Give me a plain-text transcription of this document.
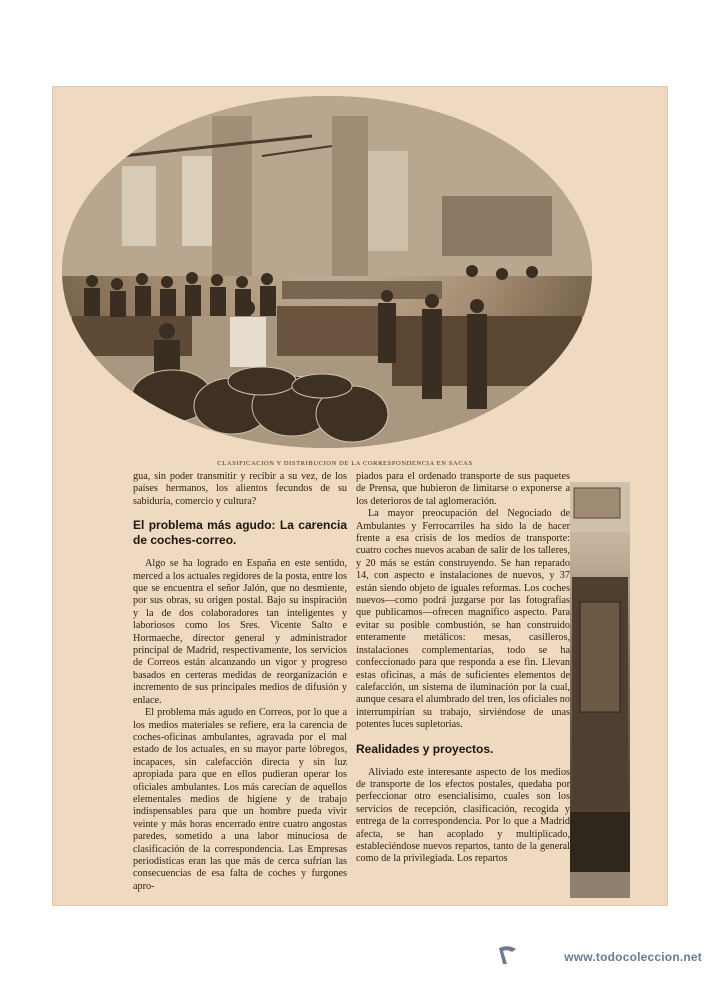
CLASIFICACION Y DISTRIBUCION DE LA CORRESPONDENCIA EN SACAS

gua, sin poder transmitir y recibir a su vez, de los países hermanos, los alientos fecundos de su sabiduría, comercio y cultura?

El problema más agudo: La carencia de coches-correo.

Algo se ha logrado en España en este sentido, merced a los actuales regidores de la posta, entre los que se encuentra el señor Jalón, que no desmiente, por sus obras, su origen postal. Bajo su inspiración y la de dos colaboradores tan inteligentes y laboriosos como los Sres. Vicente Salto e Hormaeche, director general y administrador principal de Madrid, respectivamente, los servicios de Correos están alcanzando un vigor y progreso basados en certeras medidas de reorganización e incremento de sus principales medios de difusión y enlace.

El problema más agudo en Correos, por lo que a los medios materiales se refiere, era la carencia de coches-oficinas ambulantes, agravada por el mal estado de los actuales, en su mayor parte lóbregos, incapaces, sin calefacción directa y sin luz apropiada para que en ellos pudieran operar los oficiales ambulantes. Los más carecían de aquellos elementales medios de higiene y de trabajo indispensables para que un hombre pueda vivir veinte y más horas encerrado entre cuatro angostas paredes, sometido a una labor minuciosa de clasificación de la correspondencia. Las Empresas periodísticas eran las que más de cerca sufrían las consecuencias de esa falta de coches y furgones apro-

piados para el ordenado transporte de sus paquetes de Prensa, que hubieron de limitarse o exponerse a los deterioros de tal aglomeración.

La mayor preocupación del Negociado de Ambulantes y Ferrocarriles ha sido la de hacer frente a esa crisis de los medios de transporte: cuatro coches nuevos acaban de salir de los talleres, y 20 más se están construyendo. Se han reparado 14, con aspecto e instalaciones de nuevos, y 37 están siendo objeto de iguales reformas. Los coches nuevos—como podrá juzgarse por las fotografías que publicamos—ofrecen magnífico aspecto. Para evitar su posible combustión, se han construido enteramente metálicos: mesas, casilleros, instalaciones complementarias, todo se ha confeccionado para que responda a ese fin. Llevan estas oficinas, a más de suficientes elementos de calefacción, un sistema de iluminación por la cual, aunque cesara el alumbrado del tren, los oficiales no interrumpirían su trabajo, sirviéndose de unas potentes luces supletorias.

Realidades y proyectos.

Aliviado este interesante aspecto de los medios de transporte de los efectos postales, quedaba por perfeccionar otro esencialísimo, cuales son los servicios de recepción, clasificación, recogida y entrega de la correspondencia. Por lo que a Madrid afecta, se han acoplado y multiplicado, estableciéndose nuevos repartos, tanto de la general como de la privilegiada. Los repartos

www.todocoleccion.net
